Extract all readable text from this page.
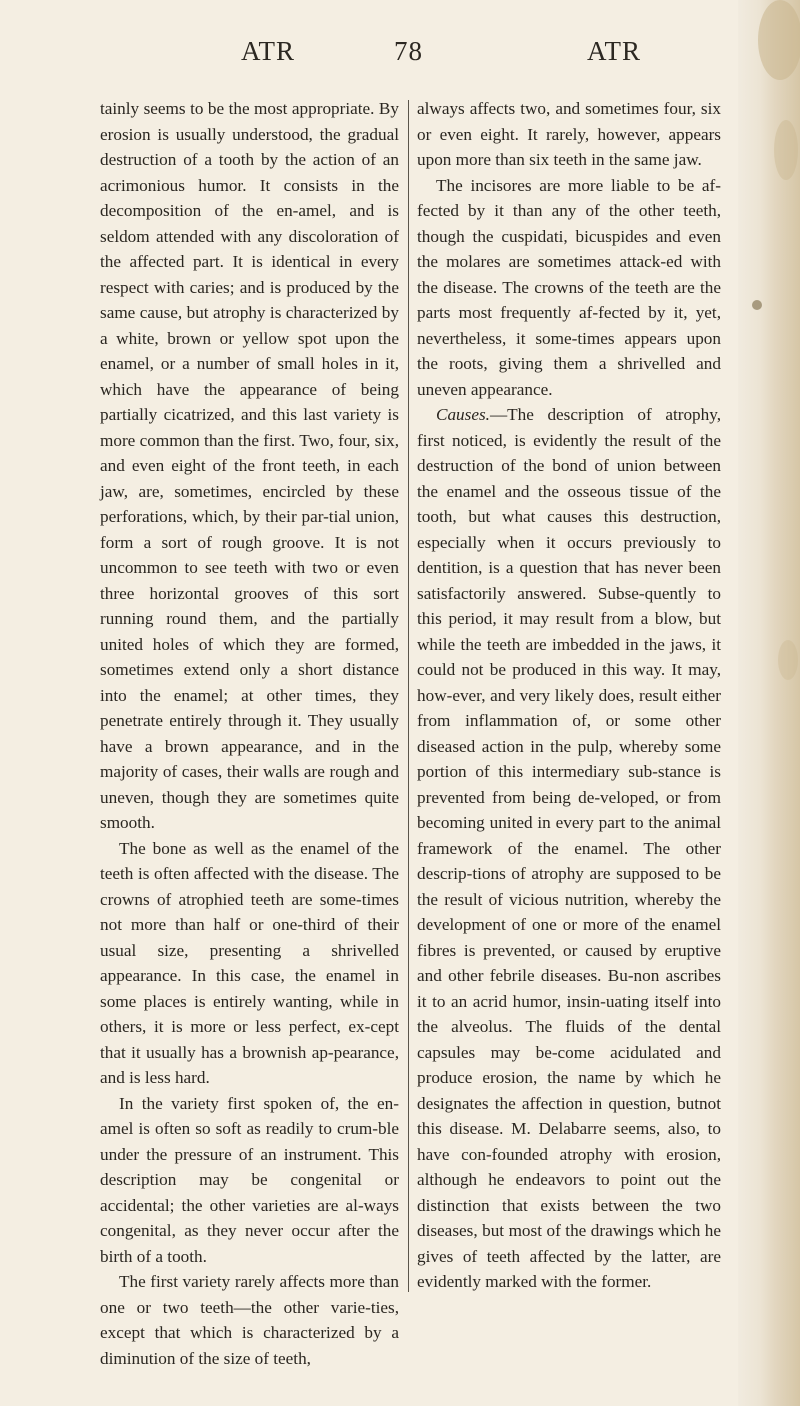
ATR	78	ATR

tainly seems to be the most appropriate. By erosion is usually understood, the gradual destruction of a tooth by the action of an acrimonious humor. It consists in the decomposition of the en-amel, and is seldom attended with any discoloration of the affected part. It is identical in every respect with caries; and is produced by the same cause, but atrophy is characterized by a white, brown or yellow spot upon the enamel, or a number of small holes in it, which have the appearance of being partially cicatrized, and this last variety is more common than the first. Two, four, six, and even eight of the front teeth, in each jaw, are, sometimes, encircled by these perforations, which, by their par-tial union, form a sort of rough groove. It is not uncommon to see teeth with two or even three horizontal grooves of this sort running round them, and the partially united holes of which they are formed, sometimes extend only a short distance into the enamel; at other times, they penetrate entirely through it. They usually have a brown appearance, and in the majority of cases, their walls are rough and uneven, though they are sometimes quite smooth.

The bone as well as the enamel of the teeth is often affected with the disease. The crowns of atrophied teeth are some-times not more than half or one-third of their usual size, presenting a shrivelled appearance. In this case, the enamel in some places is entirely wanting, while in others, it is more or less perfect, ex-cept that it usually has a brownish ap-pearance, and is less hard.

In the variety first spoken of, the en-amel is often so soft as readily to crum-ble under the pressure of an instrument. This description may be congenital or accidental; the other varieties are al-ways congenital, as they never occur after the birth of a tooth.

The first variety rarely affects more than one or two teeth—the other varie-ties, except that which is characterized by a diminution of the size of teeth,

always affects two, and sometimes four, six or even eight. It rarely, however, appears upon more than six teeth in the same jaw.

The incisores are more liable to be af-fected by it than any of the other teeth, though the cuspidati, bicuspides and even the molares are sometimes attack-ed with the disease. The crowns of the teeth are the parts most frequently af-fected by it, yet, nevertheless, it some-times appears upon the roots, giving them a shrivelled and uneven appearance.

Causes.—The description of atrophy, first noticed, is evidently the result of the destruction of the bond of union between the enamel and the osseous tissue of the tooth, but what causes this destruction, especially when it occurs previously to dentition, is a question that has never been satisfactorily answered. Subse-quently to this period, it may result from a blow, but while the teeth are imbedded in the jaws, it could not be produced in this way. It may, how-ever, and very likely does, result either from inflammation of, or some other diseased action in the pulp, whereby some portion of this intermediary sub-stance is prevented from being de-veloped, or from becoming united in every part to the animal framework of the enamel. The other descrip-tions of atrophy are supposed to be the result of vicious nutrition, whereby the development of one or more of the enamel fibres is prevented, or caused by eruptive and other febrile diseases. Bu-non ascribes it to an acrid humor, insin-uating itself into the alveolus. The fluids of the dental capsules may be-come acidulated and produce erosion, the name by which he designates the affection in question, butnot this disease. M. Delabarre seems, also, to have con-founded atrophy with erosion, although he endeavors to point out the distinction that exists between the two diseases, but most of the drawings which he gives of teeth affected by the latter, are evidently marked with the former.
